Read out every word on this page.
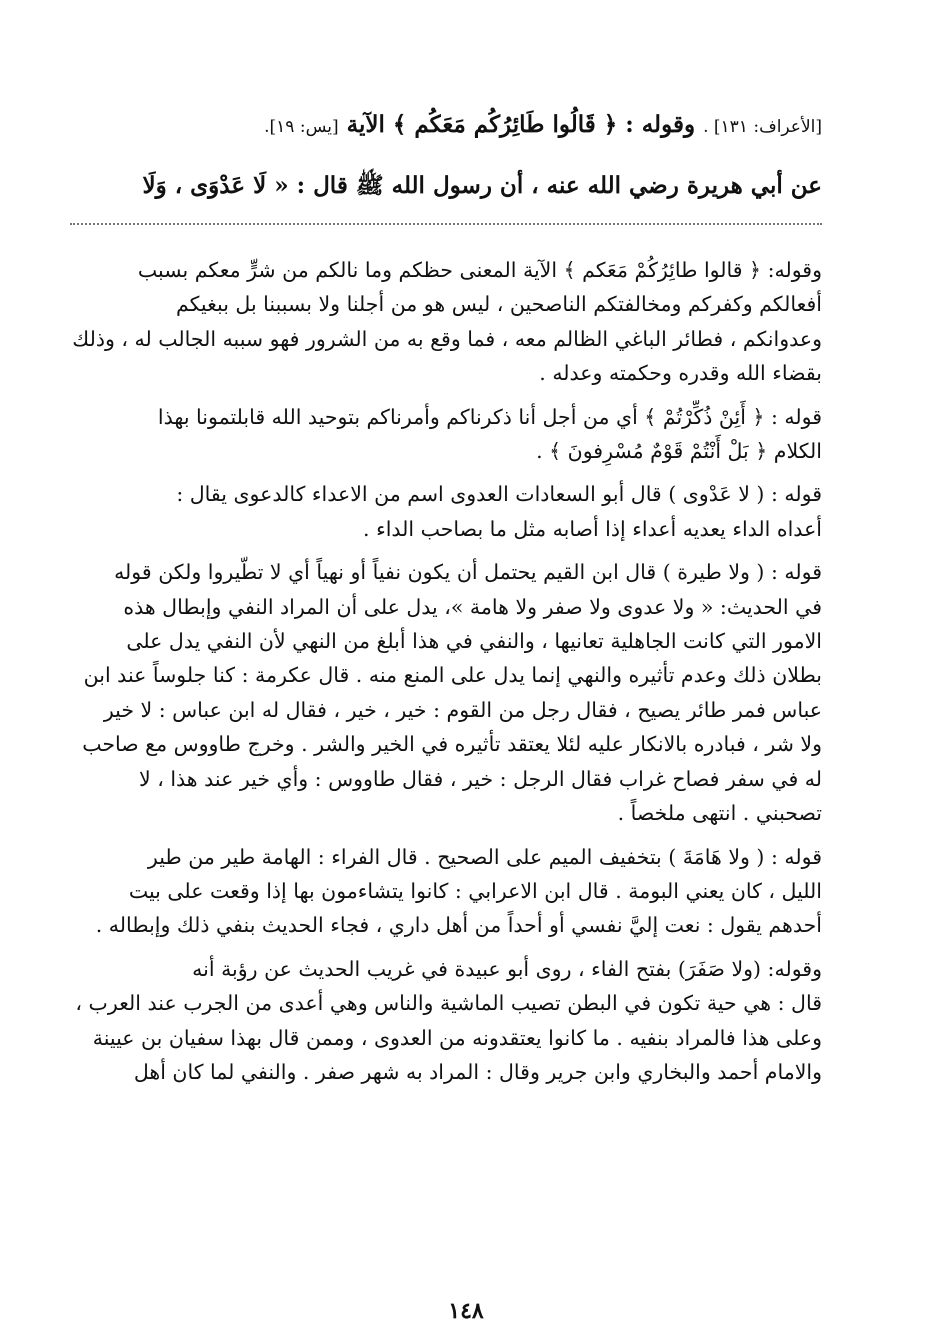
[الأعراف: ١٣١] . وقوله : ﴿ قَالُوا طَائِرُكُم مَعَكُم ﴾ الآية [يس: ١٩].
عن أبي هريرة رضي الله عنه ، أن رسول الله ﷺ قال : « لَا عَدْوَى ، وَلَا
وقوله: ﴿ قالوا طائِرُكُمْ مَعَكم ﴾ الآية المعنى حظكم وما نالكم من شرٍّ معكم بسبب
أفعالكم وكفركم ومخالفتكم الناصحين ، ليس هو من أجلنا ولا بسببنا بل ببغيكم
وعدوانكم ، فطائر الباغي الظالم معه ، فما وقع به من الشرور فهو سببه الجالب له ، وذلك
بقضاء الله وقدره وحكمته وعدله .
قوله : ﴿ أَئِنْ ذُكِّرْتُمْ ﴾ أي من أجل أنا ذكرناكم وأمرناكم بتوحيد الله قابلتمونا بهذا
الكلام ﴿ بَلْ أَنْتُمْ قَوْمٌ مُسْرِفونَ ﴾ .
قوله : ( لا عَدْوى ) قال أبو السعادات العدوى اسم من الاعداء كالدعوى يقال :
أعداه الداء يعديه أعداء إذا أصابه مثل ما بصاحب الداء .
قوله : ( ولا طيرة ) قال ابن القيم يحتمل أن يكون نفياً أو نهياً أي لا تطّيروا ولكن قوله
في الحديث: « ولا عدوى ولا صفر ولا هامة »، يدل على أن المراد النفي وإبطال هذه
الامور التي كانت الجاهلية تعانيها ، والنفي في هذا أبلغ من النهي لأن النفي يدل على
بطلان ذلك وعدم تأثيره والنهي إنما يدل على المنع منه . قال عكرمة : كنا جلوساً عند ابن
عباس فمر طائر يصيح ، فقال رجل من القوم : خير ، خير ، فقال له ابن عباس : لا خير
ولا شر ، فبادره بالانكار عليه لئلا يعتقد تأثيره في الخير والشر . وخرج طاووس مع صاحب
له في سفر فصاح غراب فقال الرجل : خير ، فقال طاووس : وأي خير عند هذا ، لا
تصحبني . انتهى ملخصاً .
قوله : ( ولا هَامَةَ ) بتخفيف الميم على الصحيح . قال الفراء : الهامة طير من طير
الليل ، كان يعني البومة . قال ابن الاعرابي : كانوا يتشاءمون بها إذا وقعت على بيت
أحدهم يقول : نعت إليَّ نفسي أو أحداً من أهل داري ، فجاء الحديث بنفي ذلك وإبطاله .
وقوله: (ولا صَفَرَ) بفتح الفاء ، روى أبو عبيدة في غريب الحديث عن رؤبة أنه
قال : هي حية تكون في البطن تصيب الماشية والناس وهي أعدى من الجرب عند العرب ،
وعلى هذا فالمراد بنفيه . ما كانوا يعتقدونه من العدوى ، وممن قال بهذا سفيان بن عيينة
والامام أحمد والبخاري وابن جرير وقال : المراد به شهر صفر . والنفي لما كان أهل
١٤٨
